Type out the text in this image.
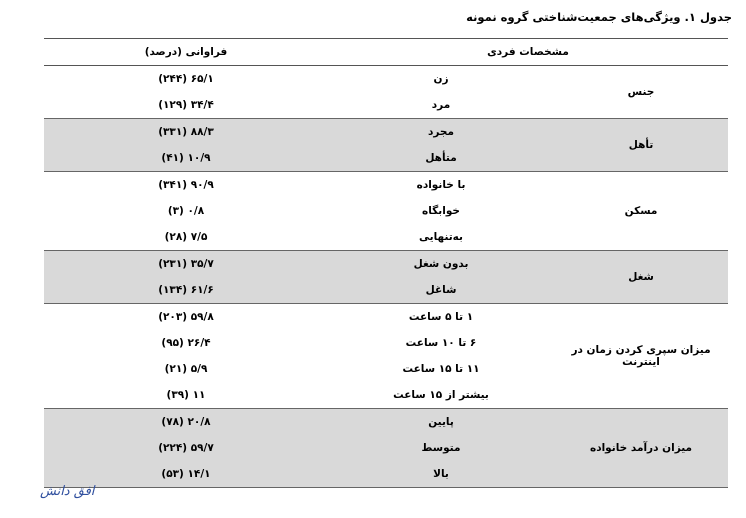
جدول ۱. ویژگی‌های جمعیت‌شناختی گروه نمونه
مشخصات فردی		فراوانی (درصد)
جنس	زن	۶۵/۱ (۲۴۴)
	مرد	۳۴/۴ (۱۲۹)
تأهل	مجرد	۸۸/۳ (۳۳۱)
	متأهل	۱۰/۹ (۴۱)
مسکن	با خانواده	۹۰/۹ (۳۴۱)
	خوابگاه	۰/۸ (۳)
	به‌تنهایی	۷/۵ (۲۸)
شغل	بدون شغل	۳۵/۷ (۲۳۱)
	شاغل	۶۱/۶ (۱۳۴)
میزان سپری کردن زمان در اینترنت	۱ تا ۵ ساعت	۵۹/۸ (۲۰۳)
	۶ تا ۱۰ ساعت	۲۶/۴ (۹۵)
	۱۱ تا ۱۵ ساعت	۵/۹ (۲۱)
	بیشتر از ۱۵ ساعت	۱۱ (۳۹)
میزان درآمد خانواده	پایین	۲۰/۸ (۷۸)
	متوسط	۵۹/۷ (۲۲۴)
	بالا	۱۴/۱ (۵۳)
افق دانش
